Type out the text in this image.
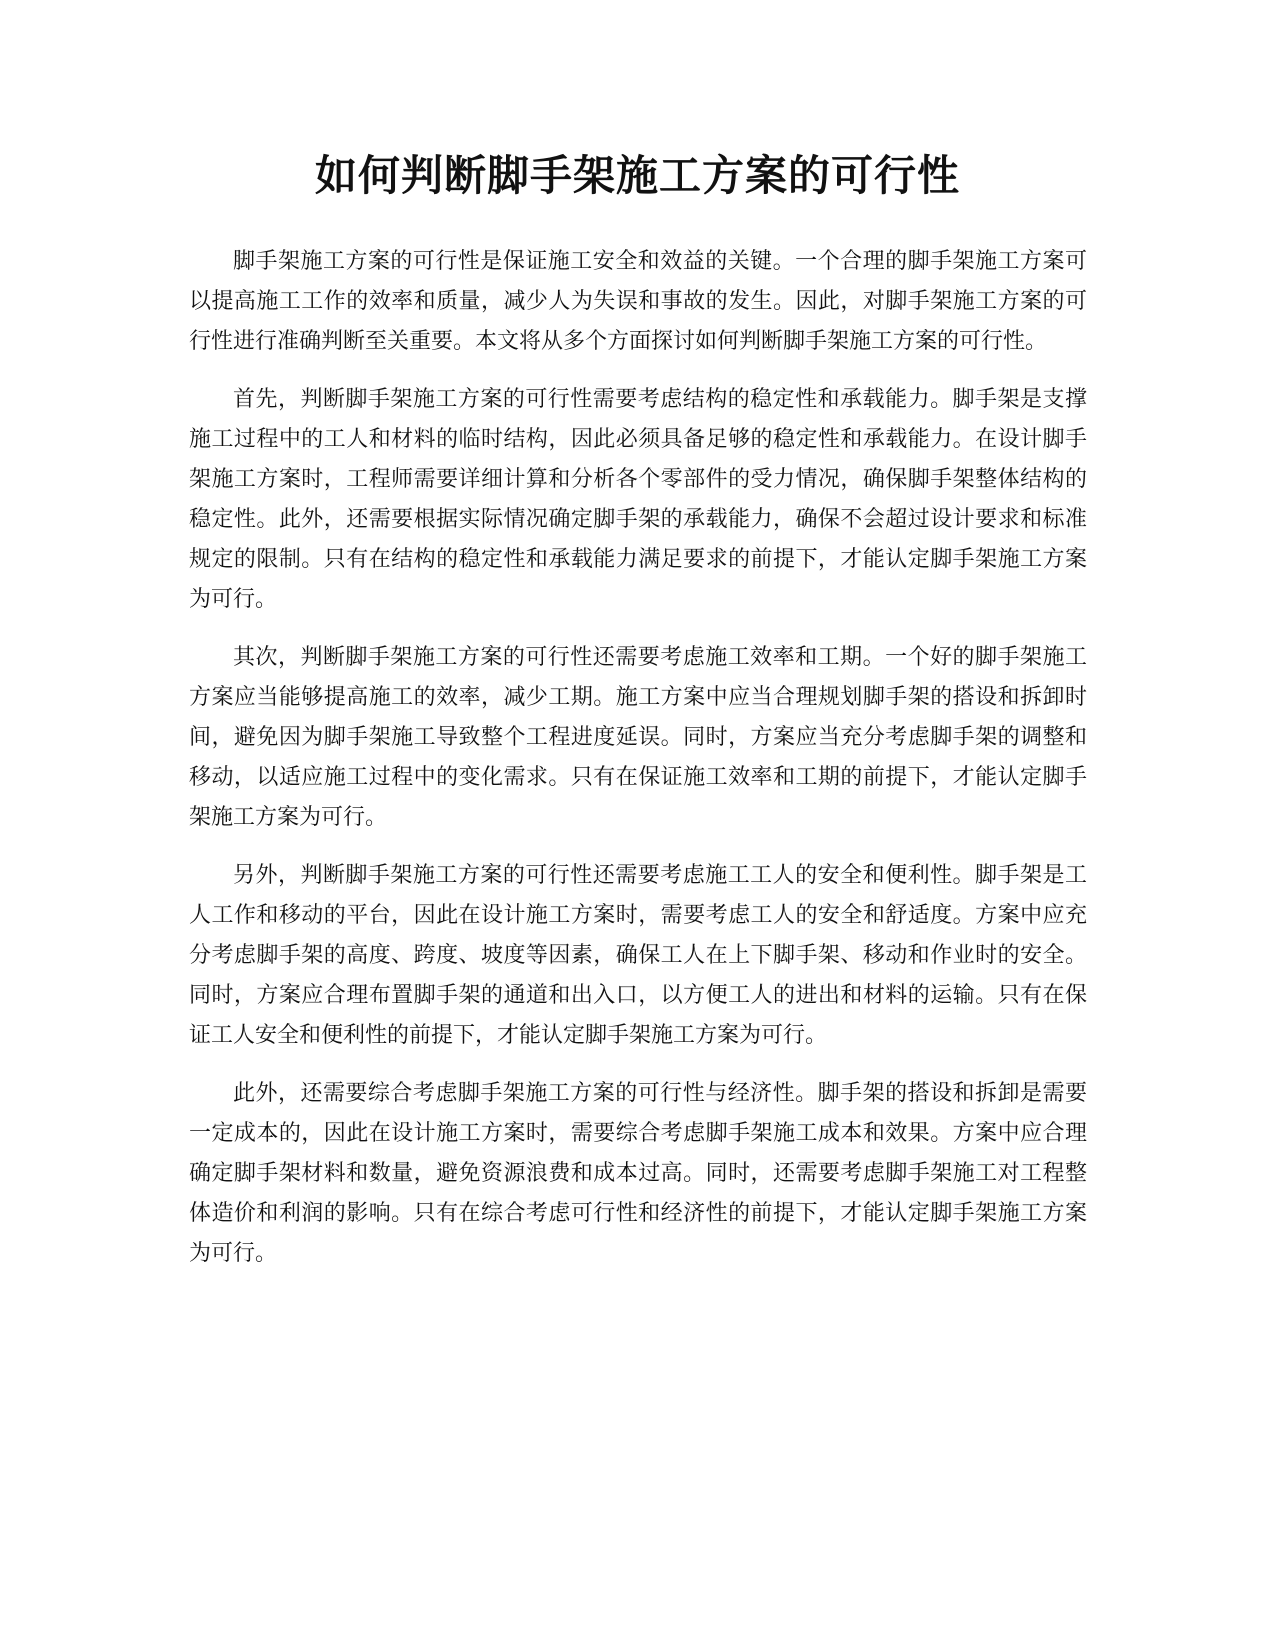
如何判断脚手架施工方案的可行性

脚手架施工方案的可行性是保证施工安全和效益的关键。一个合理的脚手架施工方案可以提高施工工作的效率和质量，减少人为失误和事故的发生。因此，对脚手架施工方案的可行性进行准确判断至关重要。本文将从多个方面探讨如何判断脚手架施工方案的可行性。

首先，判断脚手架施工方案的可行性需要考虑结构的稳定性和承载能力。脚手架是支撑施工过程中的工人和材料的临时结构，因此必须具备足够的稳定性和承载能力。在设计脚手架施工方案时，工程师需要详细计算和分析各个零部件的受力情况，确保脚手架整体结构的稳定性。此外，还需要根据实际情况确定脚手架的承载能力，确保不会超过设计要求和标准规定的限制。只有在结构的稳定性和承载能力满足要求的前提下，才能认定脚手架施工方案为可行。

其次，判断脚手架施工方案的可行性还需要考虑施工效率和工期。一个好的脚手架施工方案应当能够提高施工的效率，减少工期。施工方案中应当合理规划脚手架的搭设和拆卸时间，避免因为脚手架施工导致整个工程进度延误。同时，方案应当充分考虑脚手架的调整和移动，以适应施工过程中的变化需求。只有在保证施工效率和工期的前提下，才能认定脚手架施工方案为可行。

另外，判断脚手架施工方案的可行性还需要考虑施工工人的安全和便利性。脚手架是工人工作和移动的平台，因此在设计施工方案时，需要考虑工人的安全和舒适度。方案中应充分考虑脚手架的高度、跨度、坡度等因素，确保工人在上下脚手架、移动和作业时的安全。同时，方案应合理布置脚手架的通道和出入口，以方便工人的进出和材料的运输。只有在保证工人安全和便利性的前提下，才能认定脚手架施工方案为可行。

此外，还需要综合考虑脚手架施工方案的可行性与经济性。脚手架的搭设和拆卸是需要一定成本的，因此在设计施工方案时，需要综合考虑脚手架施工成本和效果。方案中应合理确定脚手架材料和数量，避免资源浪费和成本过高。同时，还需要考虑脚手架施工对工程整体造价和利润的影响。只有在综合考虑可行性和经济性的前提下，才能认定脚手架施工方案为可行。
